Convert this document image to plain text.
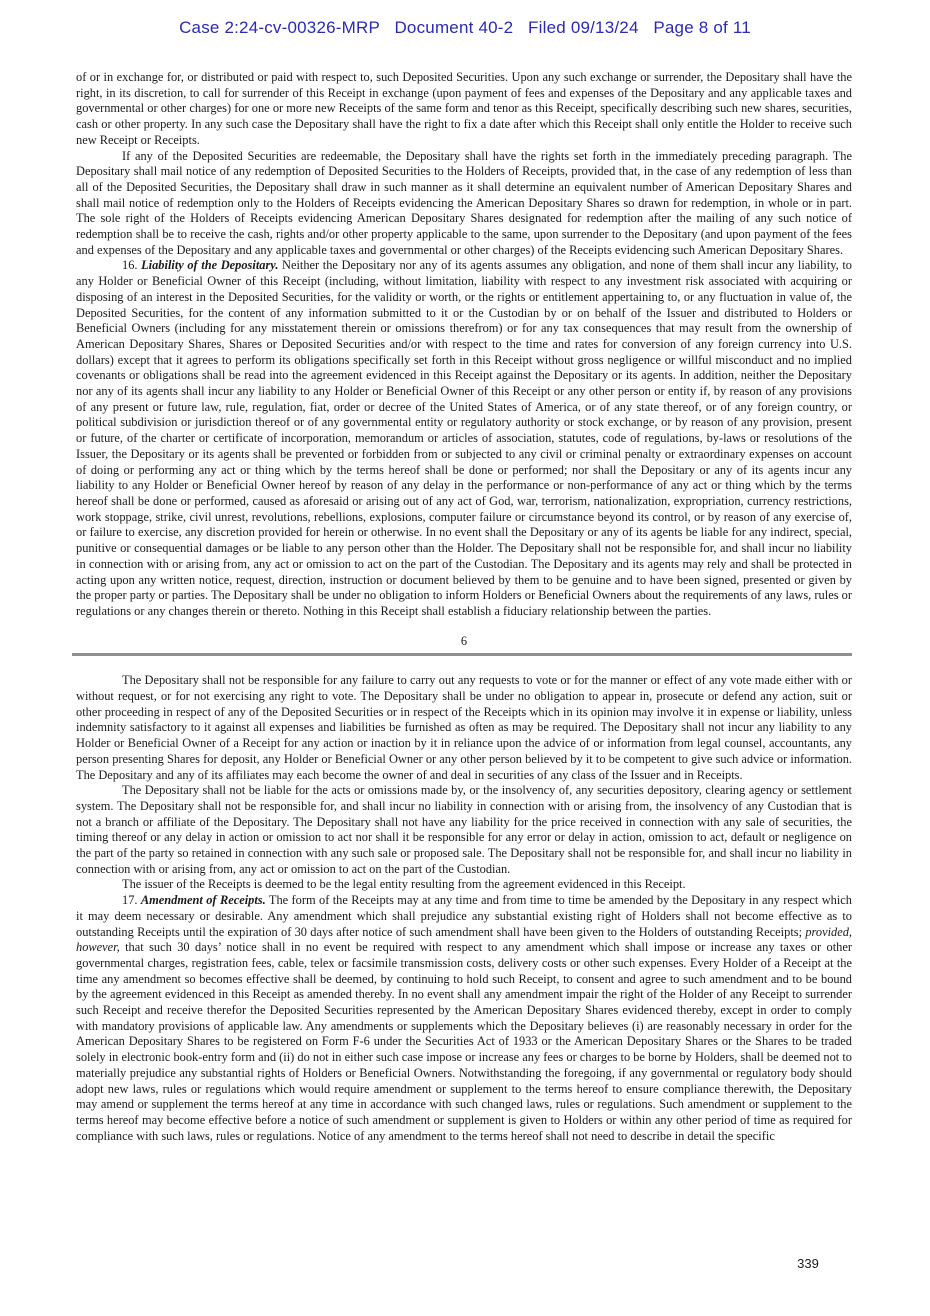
Case 2:24-cv-00326-MRP   Document 40-2   Filed 09/13/24   Page 8 of 11

of or in exchange for, or distributed or paid with respect to, such Deposited Securities. Upon any such exchange or surrender, the Depositary shall have the right, in its discretion, to call for surrender of this Receipt in exchange (upon payment of fees and expenses of the Depositary and any applicable taxes and governmental or other charges) for one or more new Receipts of the same form and tenor as this Receipt, specifically describing such new shares, securities, cash or other property. In any such case the Depositary shall have the right to fix a date after which this Receipt shall only entitle the Holder to receive such new Receipt or Receipts.

If any of the Deposited Securities are redeemable, the Depositary shall have the rights set forth in the immediately preceding paragraph. The Depositary shall mail notice of any redemption of Deposited Securities to the Holders of Receipts, provided that, in the case of any redemption of less than all of the Deposited Securities, the Depositary shall draw in such manner as it shall determine an equivalent number of American Depositary Shares and shall mail notice of redemption only to the Holders of Receipts evidencing the American Depositary Shares so drawn for redemption, in whole or in part. The sole right of the Holders of Receipts evidencing American Depositary Shares designated for redemption after the mailing of any such notice of redemption shall be to receive the cash, rights and/or other property applicable to the same, upon surrender to the Depositary (and upon payment of the fees and expenses of the Depositary and any applicable taxes and governmental or other charges) of the Receipts evidencing such American Depositary Shares.

16. Liability of the Depositary. Neither the Depositary nor any of its agents assumes any obligation, and none of them shall incur any liability, to any Holder or Beneficial Owner of this Receipt (including, without limitation, liability with respect to any investment risk associated with acquiring or disposing of an interest in the Deposited Securities, for the validity or worth, or the rights or entitlement appertaining to, or any fluctuation in value of, the Deposited Securities, for the content of any information submitted to it or the Custodian by or on behalf of the Issuer and distributed to Holders or Beneficial Owners (including for any misstatement therein or omissions therefrom) or for any tax consequences that may result from the ownership of American Depositary Shares, Shares or Deposited Securities and/or with respect to the time and rates for conversion of any foreign currency into U.S. dollars) except that it agrees to perform its obligations specifically set forth in this Receipt without gross negligence or willful misconduct and no implied covenants or obligations shall be read into the agreement evidenced in this Receipt against the Depositary or its agents. In addition, neither the Depositary nor any of its agents shall incur any liability to any Holder or Beneficial Owner of this Receipt or any other person or entity if, by reason of any provisions of any present or future law, rule, regulation, fiat, order or decree of the United States of America, or of any state thereof, or of any foreign country, or political subdivision or jurisdiction thereof or of any governmental entity or regulatory authority or stock exchange, or by reason of any provision, present or future, of the charter or certificate of incorporation, memorandum or articles of association, statutes, code of regulations, by-laws or resolutions of the Issuer, the Depositary or its agents shall be prevented or forbidden from or subjected to any civil or criminal penalty or extraordinary expenses on account of doing or performing any act or thing which by the terms hereof shall be done or performed; nor shall the Depositary or any of its agents incur any liability to any Holder or Beneficial Owner hereof by reason of any delay in the performance or non-performance of any act or thing which by the terms hereof shall be done or performed, caused as aforesaid or arising out of any act of God, war, terrorism, nationalization, expropriation, currency restrictions, work stoppage, strike, civil unrest, revolutions, rebellions, explosions, computer failure or circumstance beyond its control, or by reason of any exercise of, or failure to exercise, any discretion provided for herein or otherwise. In no event shall the Depositary or any of its agents be liable for any indirect, special, punitive or consequential damages or be liable to any person other than the Holder. The Depositary shall not be responsible for, and shall incur no liability in connection with or arising from, any act or omission to act on the part of the Custodian. The Depositary and its agents may rely and shall be protected in acting upon any written notice, request, direction, instruction or document believed by them to be genuine and to have been signed, presented or given by the proper party or parties. The Depositary shall be under no obligation to inform Holders or Beneficial Owners about the requirements of any laws, rules or regulations or any changes therein or thereto. Nothing in this Receipt shall establish a fiduciary relationship between the parties.

6

The Depositary shall not be responsible for any failure to carry out any requests to vote or for the manner or effect of any vote made either with or without request, or for not exercising any right to vote. The Depositary shall be under no obligation to appear in, prosecute or defend any action, suit or other proceeding in respect of any of the Deposited Securities or in respect of the Receipts which in its opinion may involve it in expense or liability, unless indemnity satisfactory to it against all expenses and liabilities be furnished as often as may be required. The Depositary shall not incur any liability to any Holder or Beneficial Owner of a Receipt for any action or inaction by it in reliance upon the advice of or information from legal counsel, accountants, any person presenting Shares for deposit, any Holder or Beneficial Owner or any other person believed by it to be competent to give such advice or information. The Depositary and any of its affiliates may each become the owner of and deal in securities of any class of the Issuer and in Receipts.

The Depositary shall not be liable for the acts or omissions made by, or the insolvency of, any securities depository, clearing agency or settlement system. The Depositary shall not be responsible for, and shall incur no liability in connection with or arising from, the insolvency of any Custodian that is not a branch or affiliate of the Depositary. The Depositary shall not have any liability for the price received in connection with any sale of securities, the timing thereof or any delay in action or omission to act nor shall it be responsible for any error or delay in action, omission to act, default or negligence on the part of the party so retained in connection with any such sale or proposed sale. The Depositary shall not be responsible for, and shall incur no liability in connection with or arising from, any act or omission to act on the part of the Custodian.

The issuer of the Receipts is deemed to be the legal entity resulting from the agreement evidenced in this Receipt.

17. Amendment of Receipts. The form of the Receipts may at any time and from time to time be amended by the Depositary in any respect which it may deem necessary or desirable. Any amendment which shall prejudice any substantial existing right of Holders shall not become effective as to outstanding Receipts until the expiration of 30 days after notice of such amendment shall have been given to the Holders of outstanding Receipts; provided, however, that such 30 days’ notice shall in no event be required with respect to any amendment which shall impose or increase any taxes or other governmental charges, registration fees, cable, telex or facsimile transmission costs, delivery costs or other such expenses. Every Holder of a Receipt at the time any amendment so becomes effective shall be deemed, by continuing to hold such Receipt, to consent and agree to such amendment and to be bound by the agreement evidenced in this Receipt as amended thereby. In no event shall any amendment impair the right of the Holder of any Receipt to surrender such Receipt and receive therefor the Deposited Securities represented by the American Depositary Shares evidenced thereby, except in order to comply with mandatory provisions of applicable law. Any amendments or supplements which the Depositary believes (i) are reasonably necessary in order for the American Depositary Shares to be registered on Form F-6 under the Securities Act of 1933 or the American Depositary Shares or the Shares to be traded solely in electronic book-entry form and (ii) do not in either such case impose or increase any fees or charges to be borne by Holders, shall be deemed not to materially prejudice any substantial rights of Holders or Beneficial Owners. Notwithstanding the foregoing, if any governmental or regulatory body should adopt new laws, rules or regulations which would require amendment or supplement to the terms hereof to ensure compliance therewith, the Depositary may amend or supplement the terms hereof at any time in accordance with such changed laws, rules or regulations. Such amendment or supplement to the terms hereof may become effective before a notice of such amendment or supplement is given to Holders or within any other period of time as required for compliance with such laws, rules or regulations. Notice of any amendment to the terms hereof shall not need to describe in detail the specific

339
